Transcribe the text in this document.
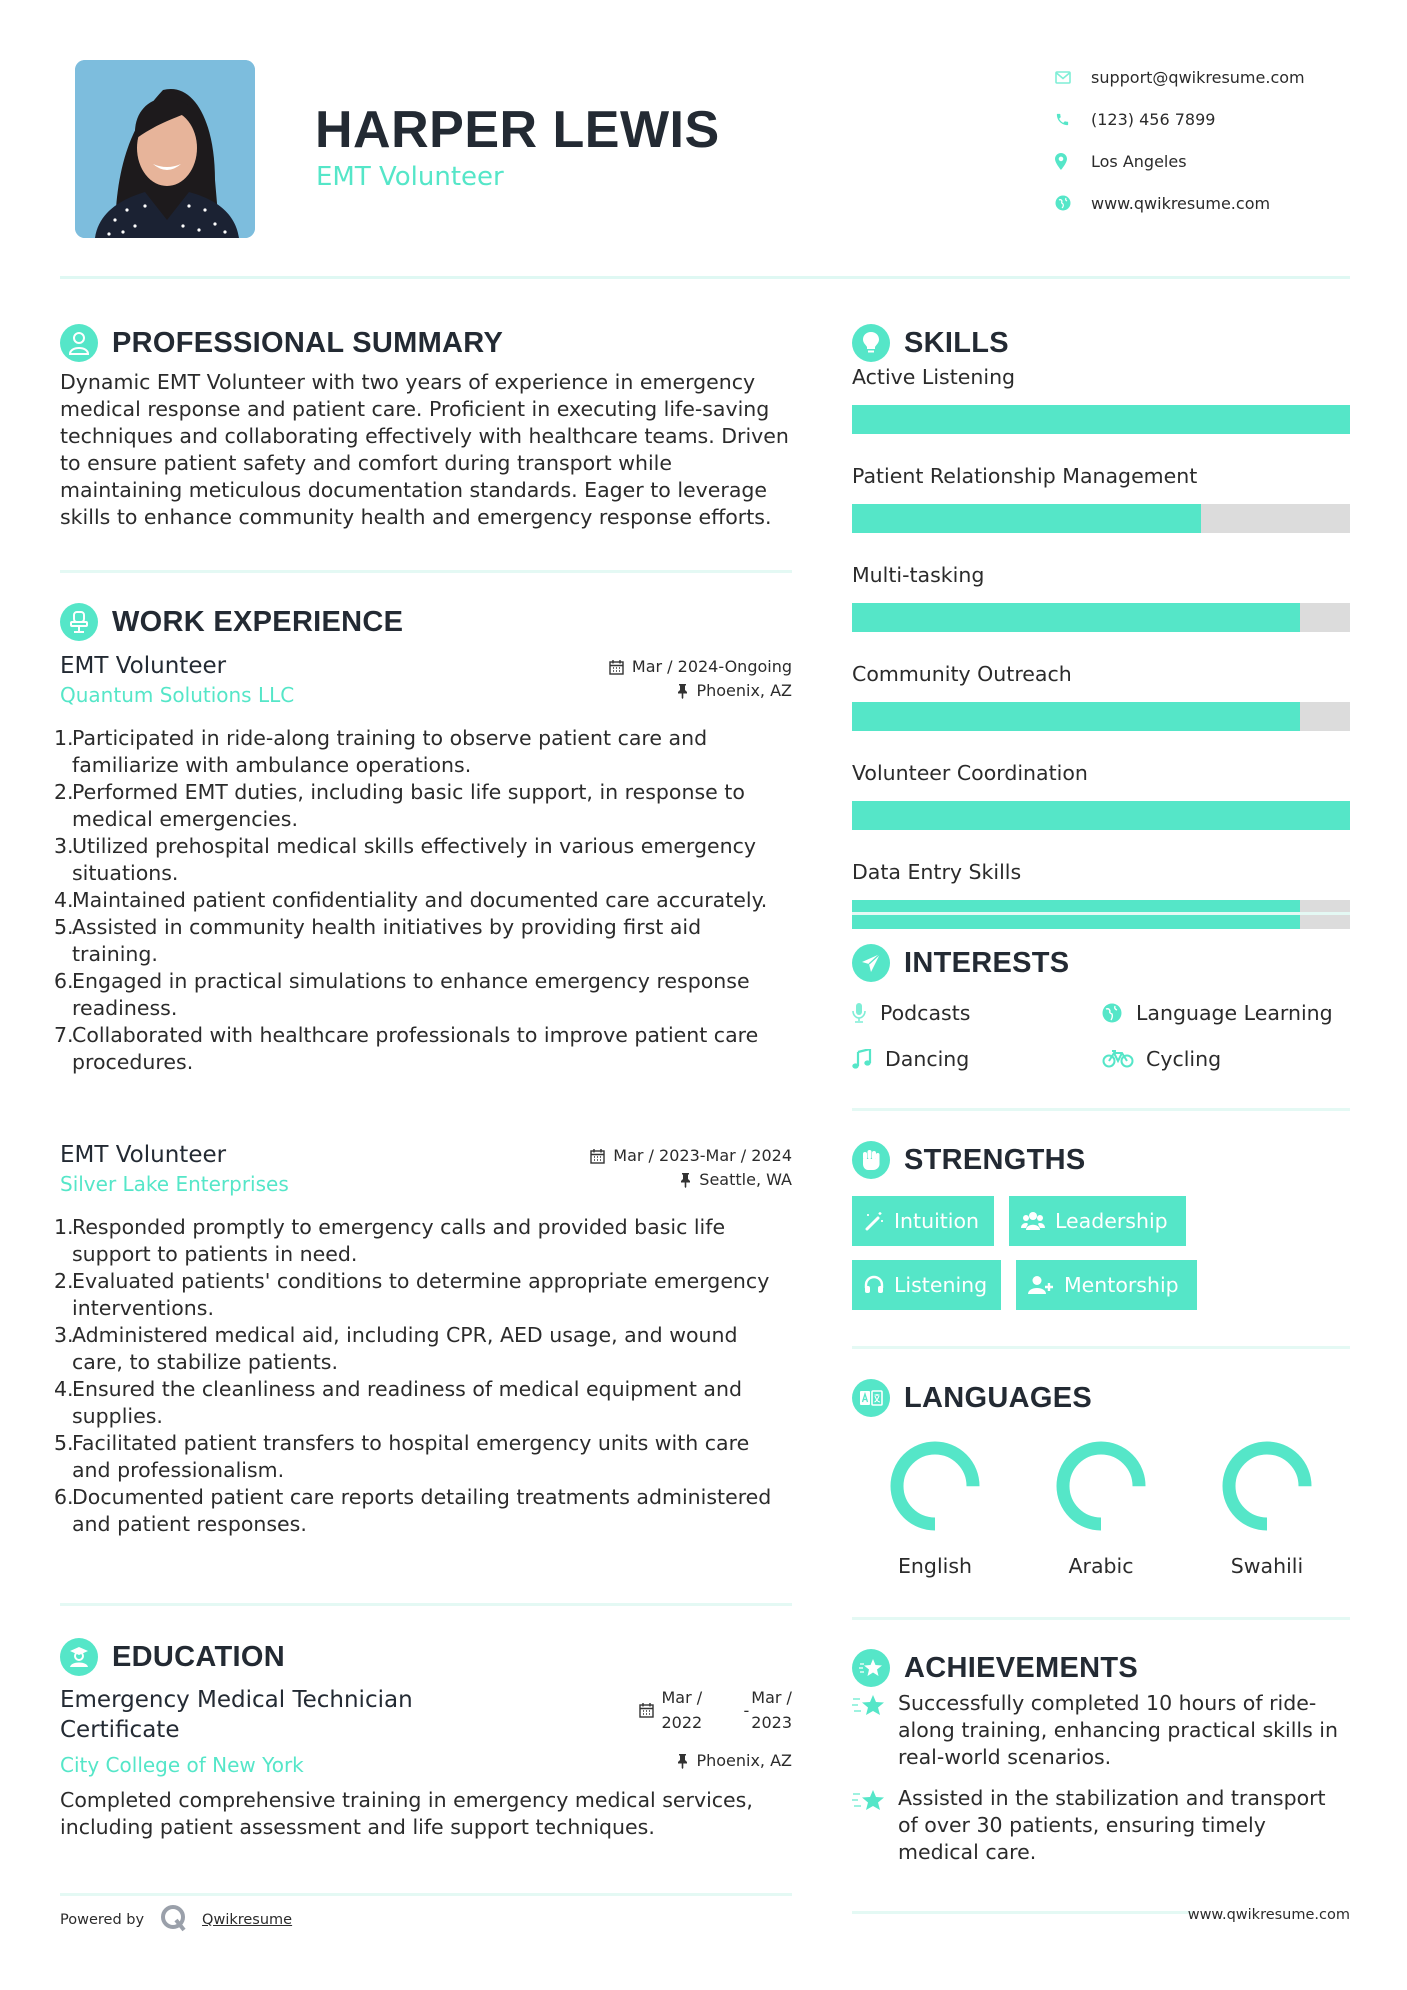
HARPER LEWIS
EMT Volunteer
support@qwikresume.com
(123) 456 7899
Los Angeles
www.qwikresume.com
PROFESSIONAL SUMMARY

Dynamic EMT Volunteer with two years of experience in emergency medical response and patient care. Proficient in executing life-saving techniques and collaborating effectively with healthcare teams. Driven to ensure patient safety and comfort during transport while maintaining meticulous documentation standards. Eager to leverage skills to enhance community health and emergency response efforts.

WORK EXPERIENCE
EMT Volunteer	Mar / 2024-Ongoing
Quantum Solutions LLC	Phoenix, AZ
1.
Participated in ride-along training to observe patient care and familiarize with ambulance operations.
2.
Performed EMT duties, including basic life support, in response to medical emergencies.
3.
Utilized prehospital medical skills effectively in various emergency situations.
4.
Maintained patient confidentiality and documented care accurately.
5.
Assisted in community health initiatives by providing first aid training.
6.
Engaged in practical simulations to enhance emergency response readiness.
7.
Collaborated with healthcare professionals to improve patient care procedures.
EMT Volunteer	Mar / 2023-Mar / 2024
Silver Lake Enterprises	Seattle, WA
1.
Responded promptly to emergency calls and provided basic life support to patients in need.
2.
Evaluated patients' conditions to determine appropriate emergency interventions.
3.
Administered medical aid, including CPR, AED usage, and wound care, to stabilize patients.
4.
Ensured the cleanliness and readiness of medical equipment and supplies.
5.
Facilitated patient transfers to hospital emergency units with care and professionalism.
6.
Documented patient care reports detailing treatments administered and patient responses.
EDUCATION
Emergency Medical Technician Certificate
Mar /
2022
-
Mar /
2023
City College of New York	Phoenix, AZ

Completed comprehensive training in emergency medical services, including patient assessment and life support techniques.

SKILLS
Active Listening
Patient Relationship Management
Multi-tasking
Community Outreach
Volunteer Coordination
Data Entry Skills
INTERESTS
Podcasts	Language Learning
Dancing	Cycling
STRENGTHS
Intuition	Leadership
Listening	Mentorship
LANGUAGES
English	Arabic	Swahili
ACHIEVEMENTS
Successfully completed 10 hours of ride-along training, enhancing practical skills in real-world scenarios.
Assisted in the stabilization and transport of over 30 patients, ensuring timely medical care.
Powered by	Qwikresume	www.qwikresume.com
